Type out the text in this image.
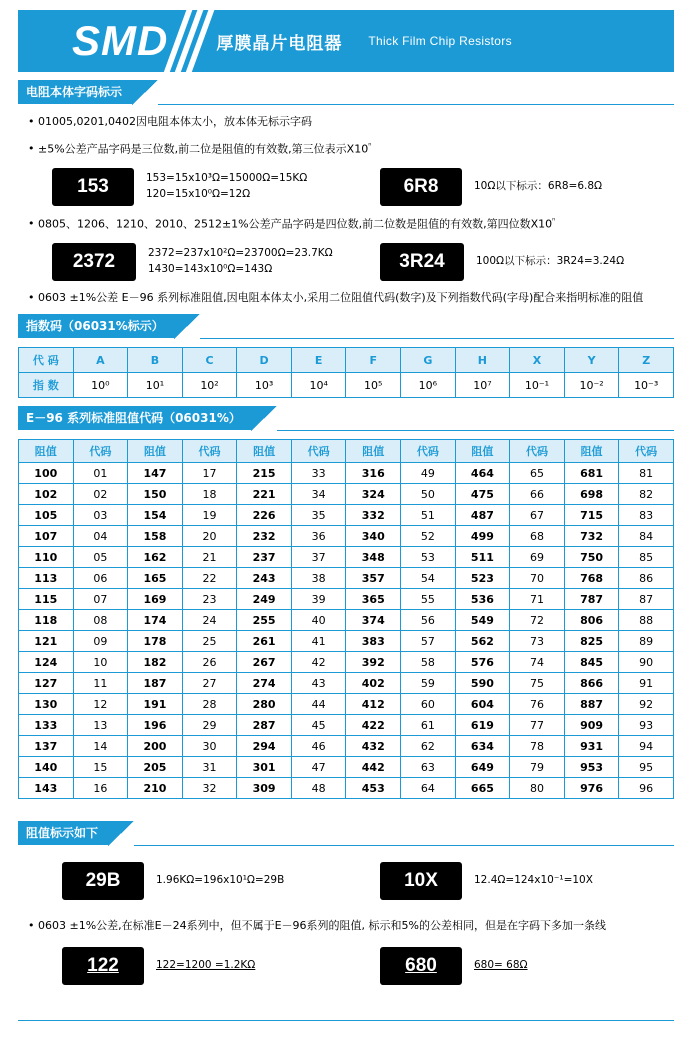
SMD	厚膜晶片电阻器 Thick Film Chip Resistors
电阻本体字码标示
• 01005,0201,0402因电阻本体太小，放本体无标示字码
• ±5%公差产品字码是三位数,前二位是阻值的有效数,第三位表示$X10^{^n}$
153	153=15x10³Ω=15000Ω=15KΩ
120=15x10⁰Ω=12Ω	6R8	10Ω以下标示：6R8=6.8Ω
• 0805、1206、1210、2010、2512±1%公差产品字码是四位数,前二位数是阻值的有效数,第四位数$X10^{^n}$
2372	2372=237x10²Ω=23700Ω=23.7KΩ
1430=143x10⁰Ω=143Ω	3R24	100Ω以下标示：3R24=3.24Ω
• 0603 ±1%公差 E－96 系列标准阻值,因电阻本体太小,采用二位阻值代码(数字)及下列指数代码(字母)配合来指明标准的阻值
指数码（06031%标示）
代 码	A	B	C	D	E	F	G	H	X	Y	Z
指 数	10⁰	10¹	10²	10³	10⁴	10⁵	10⁶	10⁷	10⁻¹	10⁻²	10⁻³
E－96 系列标准阻值代码（06031%）
阻值	代码	阻值	代码	阻值	代码	阻值	代码	阻值	代码	阻值	代码
100	01	147	17	215	33	316	49	464	65	681	81
102	02	150	18	221	34	324	50	475	66	698	82
105	03	154	19	226	35	332	51	487	67	715	83
107	04	158	20	232	36	340	52	499	68	732	84
110	05	162	21	237	37	348	53	511	69	750	85
113	06	165	22	243	38	357	54	523	70	768	86
115	07	169	23	249	39	365	55	536	71	787	87
118	08	174	24	255	40	374	56	549	72	806	88
121	09	178	25	261	41	383	57	562	73	825	89
124	10	182	26	267	42	392	58	576	74	845	90
127	11	187	27	274	43	402	59	590	75	866	91
130	12	191	28	280	44	412	60	604	76	887	92
133	13	196	29	287	45	422	61	619	77	909	93
137	14	200	30	294	46	432	62	634	78	931	94
140	15	205	31	301	47	442	63	649	79	953	95
143	16	210	32	309	48	453	64	665	80	976	96
阻值标示如下
29B	1.96KΩ=196x10¹Ω=29B	10X	12.4Ω=124x10⁻¹=10X
• 0603 ±1%公差,在标准E－24系列中，但不属于E－96系列的阻值, 标示和5%的公差相同，但是在字码下多加一条线
122	122=1200 =1.2KΩ	680	680= 68Ω
